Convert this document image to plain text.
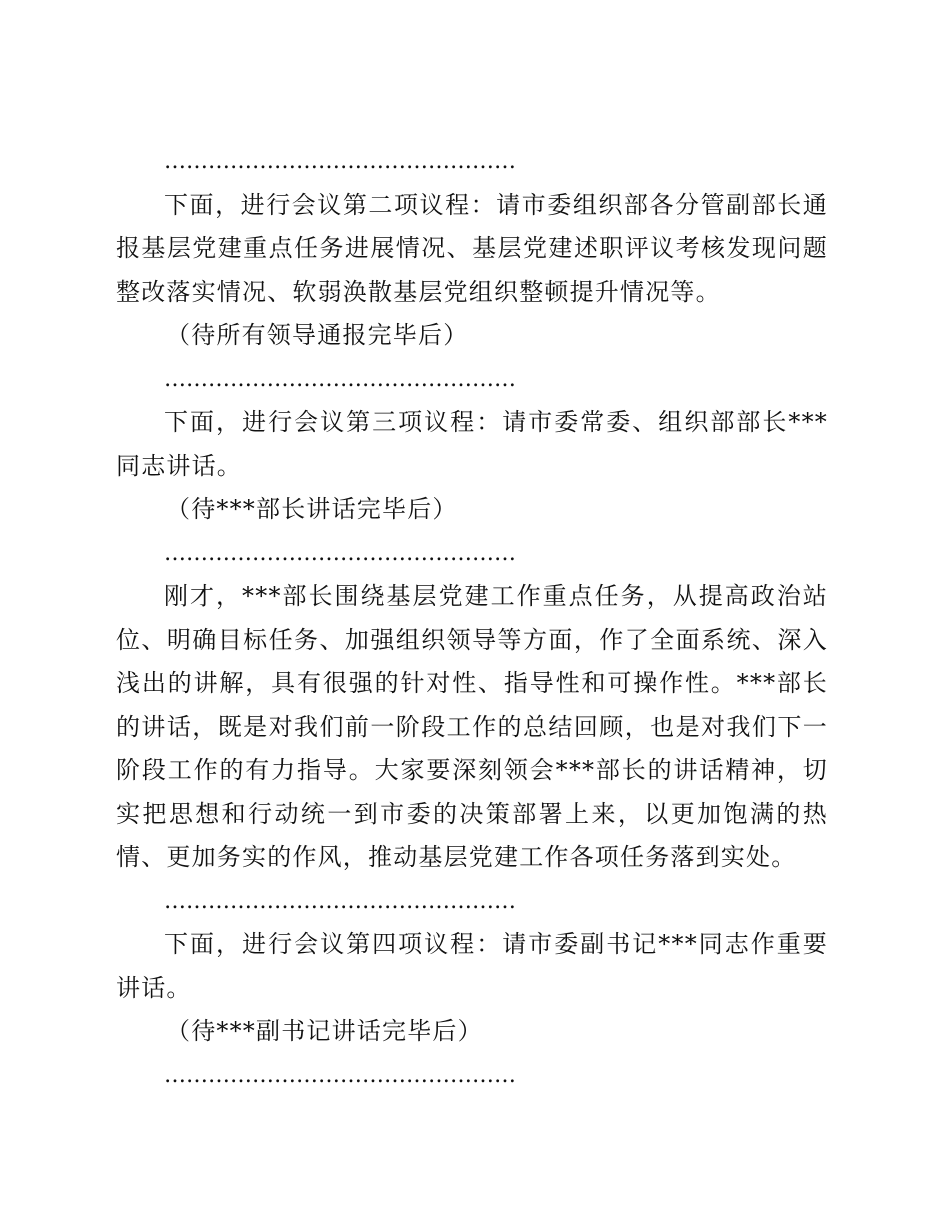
…………………………………………

下面，进行会议第二项议程：请市委组织部各分管副部长通报基层党建重点任务进展情况、基层党建述职评议考核发现问题整改落实情况、软弱涣散基层党组织整顿提升情况等。

（待所有领导通报完毕后）

…………………………………………

下面，进行会议第三项议程：请市委常委、组织部部长***同志讲话。

（待***部长讲话完毕后）

…………………………………………

刚才，***部长围绕基层党建工作重点任务，从提高政治站位、明确目标任务、加强组织领导等方面，作了全面系统、深入浅出的讲解，具有很强的针对性、指导性和可操作性。***部长的讲话，既是对我们前一阶段工作的总结回顾，也是对我们下一阶段工作的有力指导。大家要深刻领会***部长的讲话精神，切实把思想和行动统一到市委的决策部署上来，以更加饱满的热情、更加务实的作风，推动基层党建工作各项任务落到实处。

…………………………………………

下面，进行会议第四项议程：请市委副书记***同志作重要讲话。

（待***副书记讲话完毕后）

…………………………………………
